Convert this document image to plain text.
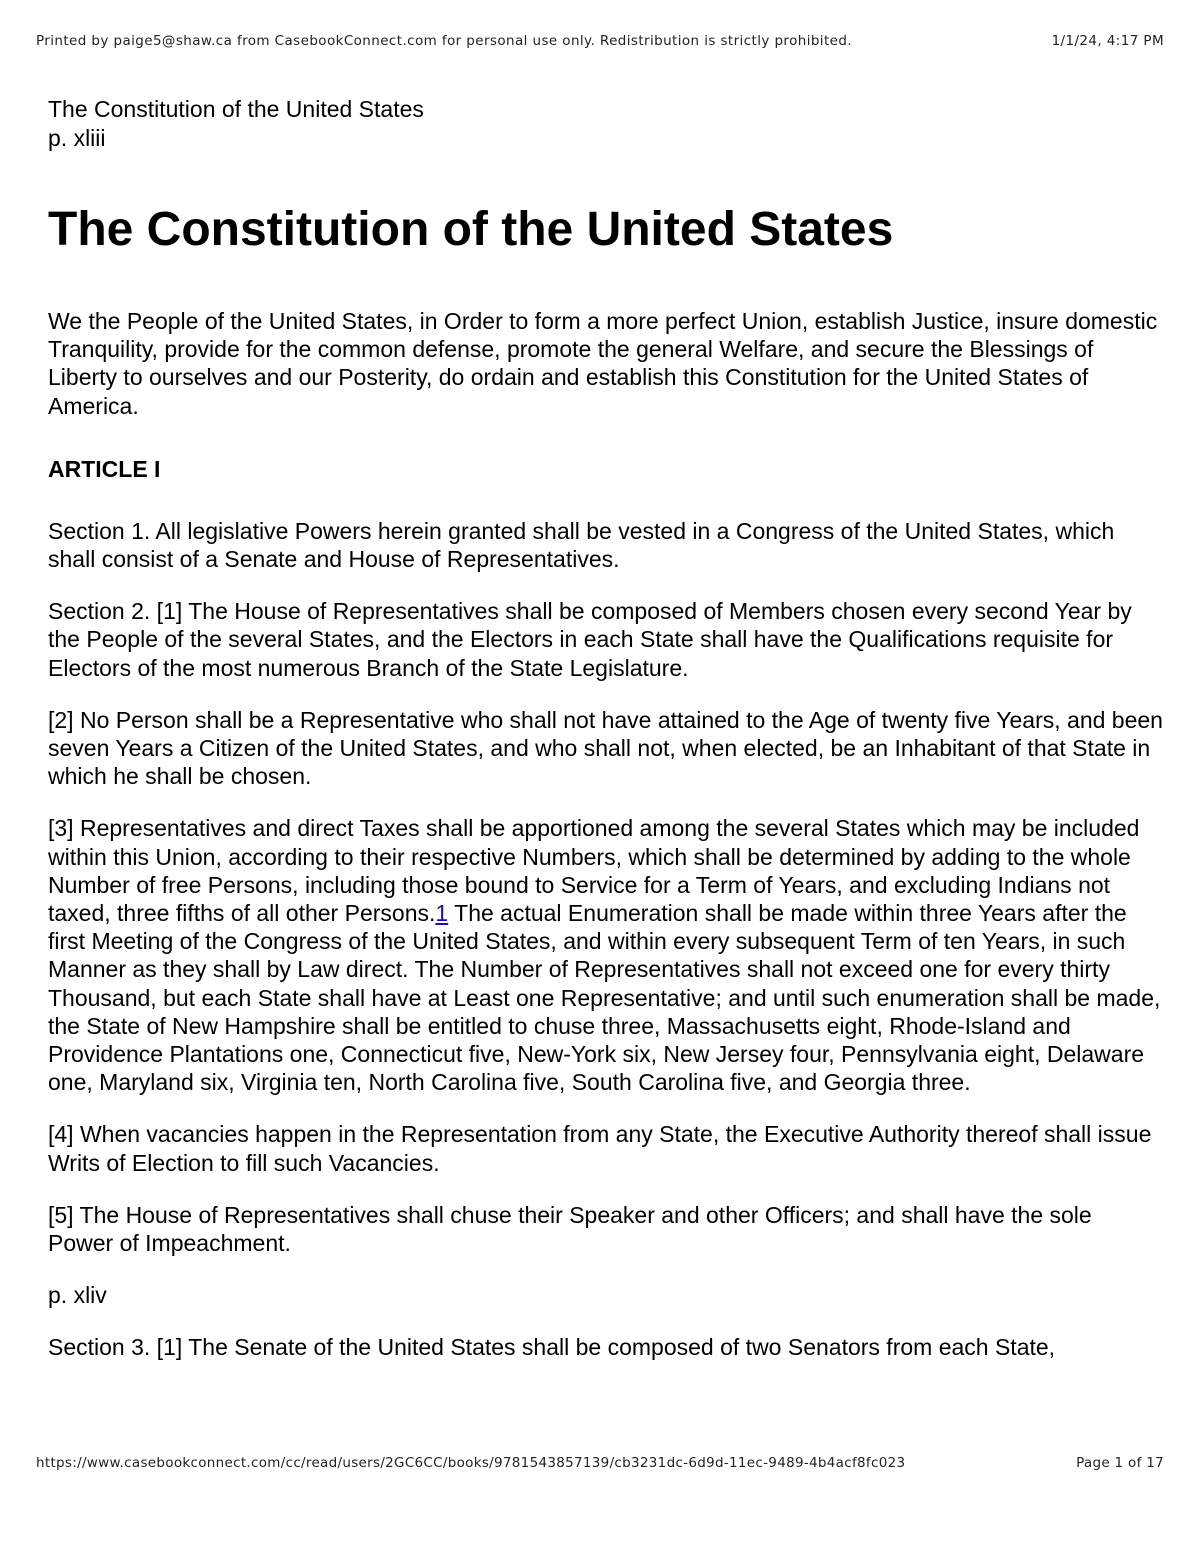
Printed by paige5@shaw.ca from CasebookConnect.com for personal use only. Redistribution is strictly prohibited.	1/1/24, 4:17 PM
The Constitution of the United States
p. xliii
The Constitution of the United States

We the People of the United States, in Order to form a more perfect Union, establish Justice, insure domestic Tranquility, provide for the common defense, promote the general Welfare, and secure the Blessings of Liberty to ourselves and our Posterity, do ordain and establish this Constitution for the United States of America.

ARTICLE I

Section 1. All legislative Powers herein granted shall be vested in a Congress of the United States, which shall consist of a Senate and House of Representatives.

Section 2. [1] The House of Representatives shall be composed of Members chosen every second Year by the People of the several States, and the Electors in each State shall have the Qualifications requisite for Electors of the most numerous Branch of the State Legislature.

[2] No Person shall be a Representative who shall not have attained to the Age of twenty five Years, and been seven Years a Citizen of the United States, and who shall not, when elected, be an Inhabitant of that State in which he shall be chosen.

[3] Representatives and direct Taxes shall be apportioned among the several States which may be included within this Union, according to their respective Numbers, which shall be determined by adding to the whole Number of free Persons, including those bound to Service for a Term of Years, and excluding Indians not taxed, three fifths of all other Persons.1 The actual Enumeration shall be made within three Years after the first Meeting of the Congress of the United States, and within every subsequent Term of ten Years, in such Manner as they shall by Law direct. The Number of Representatives shall not exceed one for every thirty Thousand, but each State shall have at Least one Representative; and until such enumeration shall be made, the State of New Hampshire shall be entitled to chuse three, Massachusetts eight, Rhode-Island and Providence Plantations one, Connecticut five, New-York six, New Jersey four, Pennsylvania eight, Delaware one, Maryland six, Virginia ten, North Carolina five, South Carolina five, and Georgia three.

[4] When vacancies happen in the Representation from any State, the Executive Authority thereof shall issue Writs of Election to fill such Vacancies.

[5] The House of Representatives shall chuse their Speaker and other Officers; and shall have the sole Power of Impeachment.

p. xliv

Section 3. [1] The Senate of the United States shall be composed of two Senators from each State,

https://www.casebookconnect.com/cc/read/users/2GC6CC/books/9781543857139/cb3231dc-6d9d-11ec-9489-4b4acf8fc023	Page 1 of 17
